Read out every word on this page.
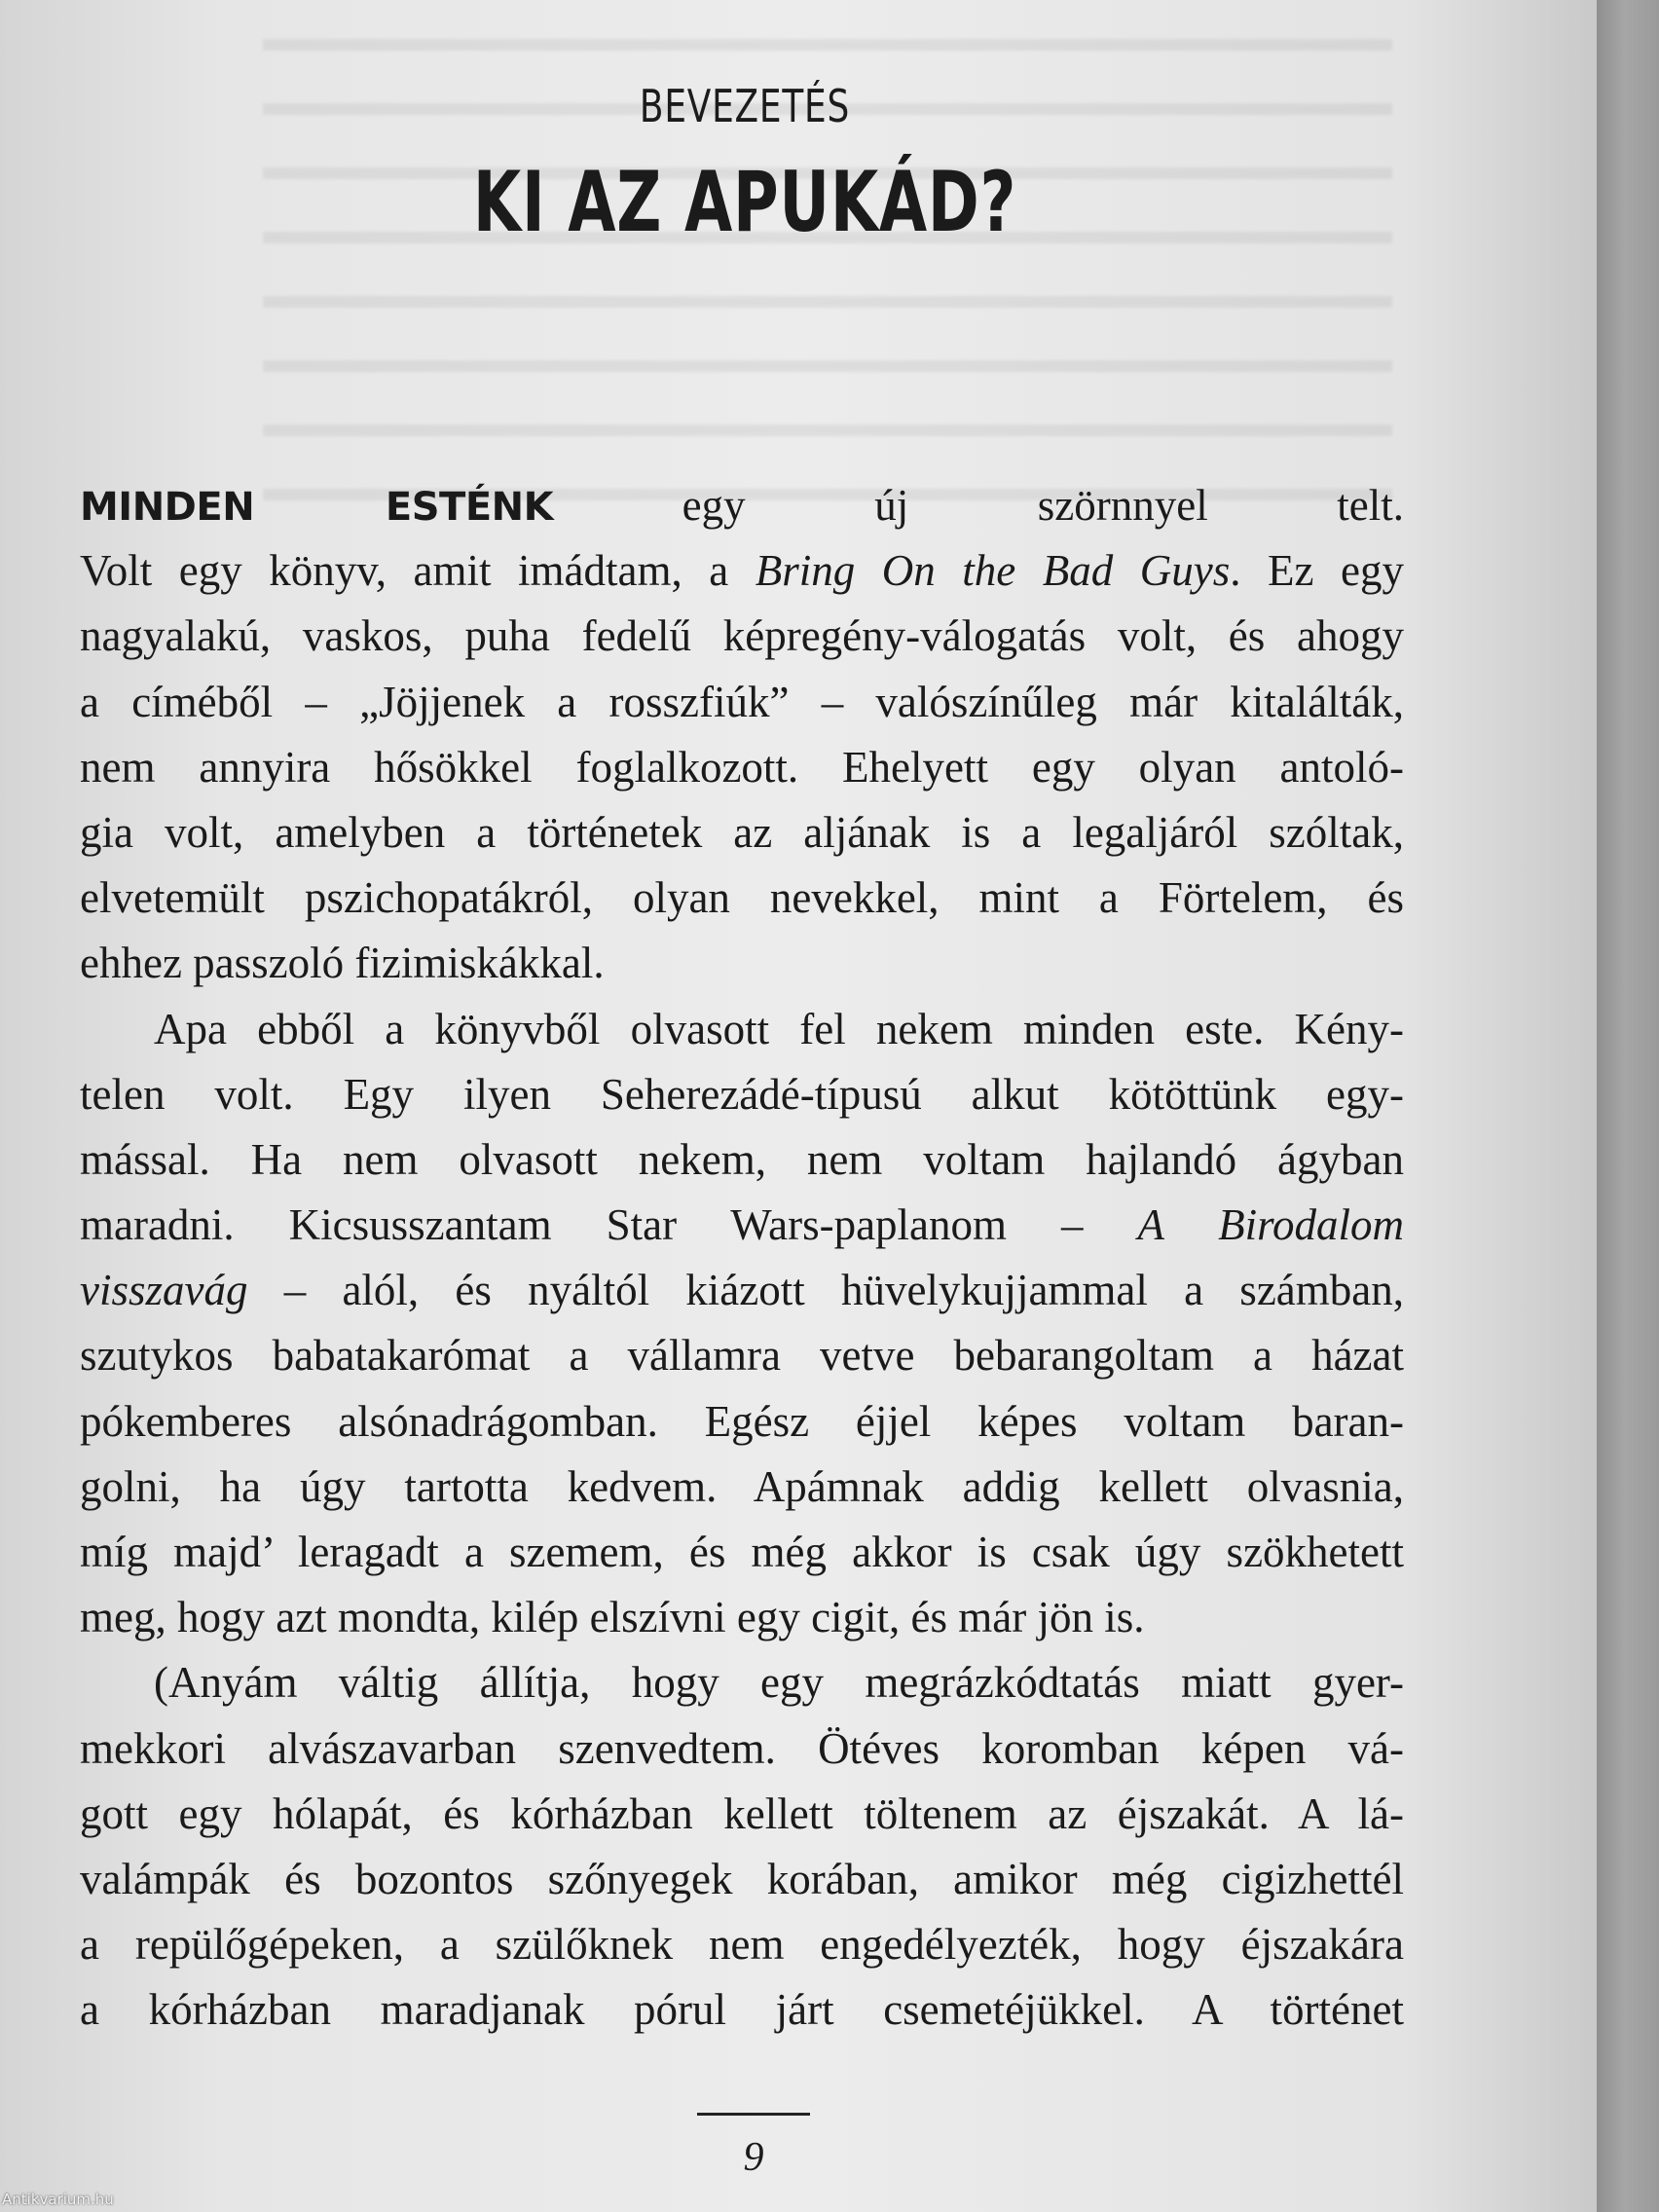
BEVEZETÉS
KI AZ APUKÁD?
MINDEN ESTÉNK egy új szörnnyel telt.
Volt egy könyv, amit imádtam, a Bring On the Bad Guys. Ez egy
nagyalakú, vaskos, puha fedelű képregény-válogatás volt, és ahogy
a címéből – „Jöjjenek a rosszfiúk” – valószínűleg már kitalálták,
nem annyira hősökkel foglalkozott. Ehelyett egy olyan antoló-
gia volt, amelyben a történetek az aljának is a legaljáról szóltak,
elvetemült pszichopatákról, olyan nevekkel, mint a Förtelem, és
ehhez passzoló fizimiskákkal.
Apa ebből a könyvből olvasott fel nekem minden este. Kény-
telen volt. Egy ilyen Seherezádé-típusú alkut kötöttünk egy-
mással. Ha nem olvasott nekem, nem voltam hajlandó ágyban
maradni. Kicsusszantam Star Wars-paplanom – A Birodalom
visszavág – alól, és nyáltól kiázott hüvelykujjammal a számban,
szutykos babatakarómat a vállamra vetve bebarangoltam a házat
pókemberes alsónadrágomban. Egész éjjel képes voltam baran-
golni, ha úgy tartotta kedvem. Apámnak addig kellett olvasnia,
míg majd’ leragadt a szemem, és még akkor is csak úgy szökhetett
meg, hogy azt mondta, kilép elszívni egy cigit, és már jön is.
(Anyám váltig állítja, hogy egy megrázkódtatás miatt gyer-
mekkori alvászavarban szenvedtem. Ötéves koromban képen vá-
gott egy hólapát, és kórházban kellett töltenem az éjszakát. A lá-
valámpák és bozontos szőnyegek korában, amikor még cigizhettél
a repülőgépeken, a szülőknek nem engedélyezték, hogy éjszakára
a kórházban maradjanak pórul járt csemetéjükkel. A történet
9
Antikvarium.hu
